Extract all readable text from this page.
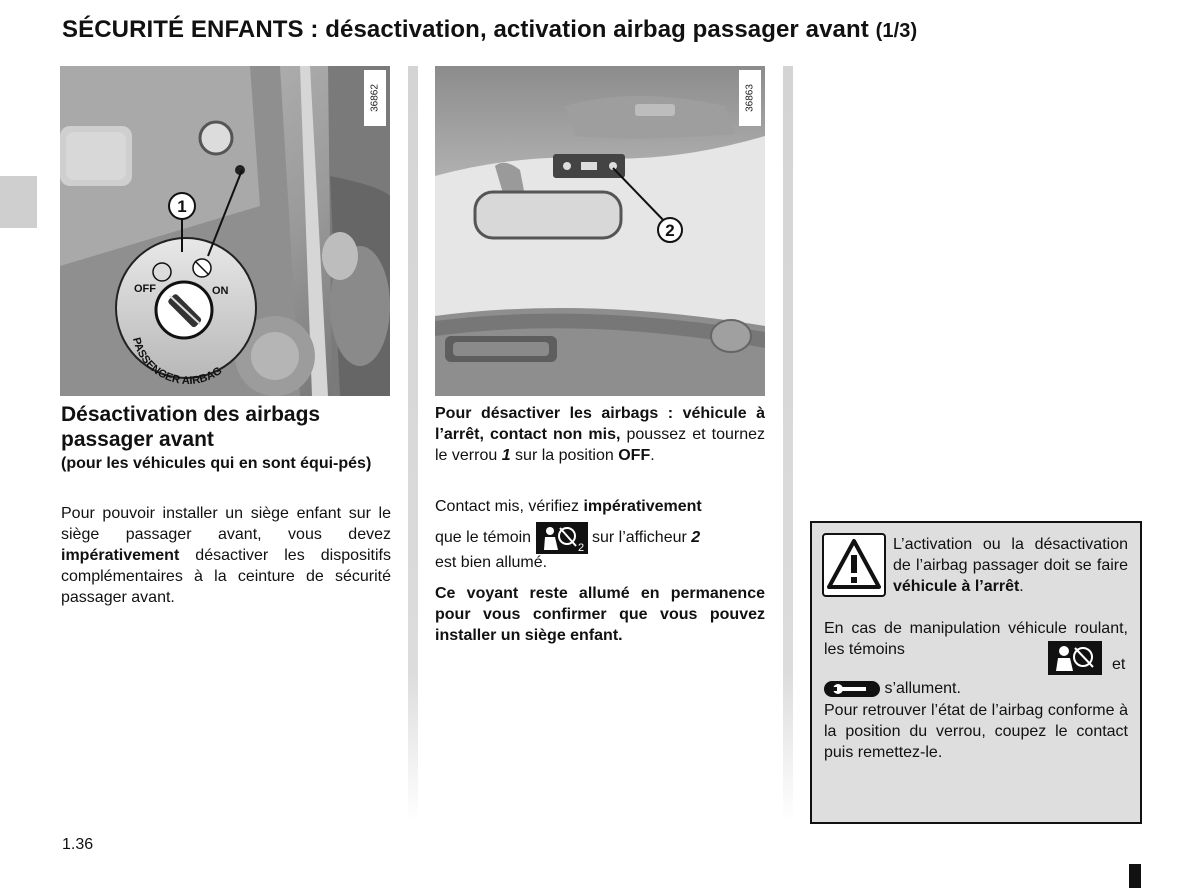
SÉCURITÉ ENFANTS : désactivation, activation airbag passager avant (1/3)
OFF	ON
PASSENGER AIRBAG
1
36862
2
36863
Désactivation des airbags passager avant
(pour les véhicules qui en sont équi-pés)
Pour pouvoir installer un siège enfant sur le siège passager avant, vous devez impérativement désactiver les dispositifs complémentaires à la ceinture de sécurité passager avant.
Pour désactiver les airbags : véhicule à l’arrêt, contact non mis, poussez et tournez le verrou 1 sur la position OFF.
Contact mis, vérifiez impérativement
que le témoin
2
sur l’afficheur 2
est bien allumé.
Ce voyant reste allumé en permanence pour vous confirmer que vous pouvez installer un siège enfant.
L’activation ou la désactivation de l’airbag passager doit se faire véhicule à l’arrêt.
En cas de manipulation véhicule roulant, les témoins
et
s’allument.
Pour retrouver l’état de l’airbag conforme à la position du verrou, coupez le contact puis remettez-le.
1.36
